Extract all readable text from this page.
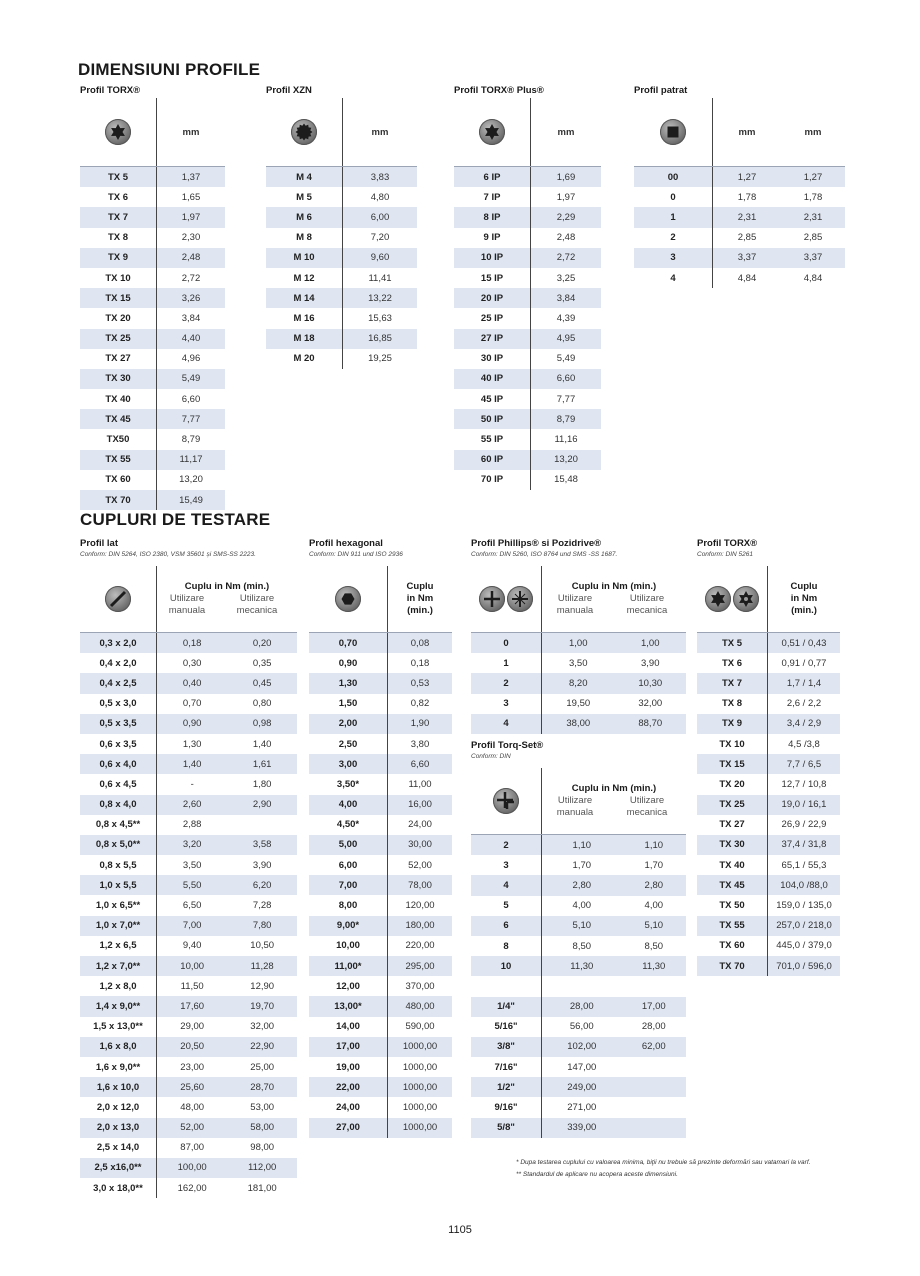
DIMENSIUNI PROFILE
CUPLURI DE TESTARE
Profil TORX®
	mm
TX 5	1,37
TX 6	1,65
TX 7	1,97
TX 8	2,30
TX 9	2,48
TX 10	2,72
TX 15	3,26
TX 20	3,84
TX 25	4,40
TX 27	4,96
TX 30	5,49
TX 40	6,60
TX 45	7,77
TX50	8,79
TX 55	11,17
TX 60	13,20
TX 70	15,49
Profil XZN
	mm
M 4	3,83
M 5	4,80
M 6	6,00
M 8	7,20
M 10	9,60
M 12	11,41
M 14	13,22
M 16	15,63
M 18	16,85
M 20	19,25
Profil TORX® Plus®
	mm
6 IP	1,69
7 IP	1,97
8 IP	2,29
9 IP	2,48
10 IP	2,72
15 IP	3,25
20 IP	3,84
25 IP	4,39
27 IP	4,95
30 IP	5,49
40 IP	6,60
45 IP	7,77
50 IP	8,79
55 IP	11,16
60 IP	13,20
70 IP	15,48
Profil patrat
	mm	mm
00	1,27	1,27
0	1,78	1,78
1	2,31	2,31
2	2,85	2,85
3	3,37	3,37
4	4,84	4,84
Profil lat
Conform: DIN 5264, ISO 2380, VSM 35601 și SMS-SS 2223.

Cuplu in Nm (min.)
Utilizare
manuala
Utilizare
mecanica	

0,3 x 2,0	0,18	0,20
0,4 x 2,0	0,30	0,35
0,4 x 2,5	0,40	0,45
0,5 x 3,0	0,70	0,80
0,5 x 3,5	0,90	0,98
0,6 x 3,5	1,30	1,40
0,6 x 4,0	1,40	1,61
0,6 x 4,5	-	1,80
0,8 x 4,0	2,60	2,90
0,8 x 4,5**	2,88	
0,8 x 5,0**	3,20	3,58
0,8 x 5,5	3,50	3,90
1,0 x 5,5	5,50	6,20
1,0 x 6,5**	6,50	7,28
1,0 x 7,0**	7,00	7,80
1,2 x 6,5	9,40	10,50
1,2 x 7,0**	10,00	11,28
1,2 x 8,0	11,50	12,90
1,4 x 9,0**	17,60	19,70
1,5 x 13,0**	29,00	32,00
1,6 x 8,0	20,50	22,90
1,6 x 9,0**	23,00	25,00
1,6 x 10,0	25,60	28,70
2,0 x 12,0	48,00	53,00
2,0 x 13,0	52,00	58,00
2,5 x 14,0	87,00	98,00
2,5 x16,0**	100,00	112,00
3,0 x 18,0**	162,00	181,00
Profil hexagonal
Conform: DIN 911 und ISO 2936

Cuplu
in Nm
(min.)

0,70	0,08
0,90	0,18
1,30	0,53
1,50	0,82
2,00	1,90
2,50	3,80
3,00	6,60
3,50*	11,00
4,00	16,00
4,50*	24,00
5,00	30,00
6,00	52,00
7,00	78,00
8,00	120,00
9,00*	180,00
10,00	220,00
11,00*	295,00
12,00	370,00
13,00*	480,00
14,00	590,00
17,00	1000,00
19,00	1000,00
22,00	1000,00
24,00	1000,00
27,00	1000,00
Profil Phillips® si Pozidrive®
Conform: DIN 5260, ISO 8764 und SMS -SS 1687.

Cuplu in Nm (min.)
Utilizare
manuala
Utilizare
mecanica	

0	1,00	1,00
1	3,50	3,90
2	8,20	10,30
3	19,50	32,00
4	38,00	88,70
Profil Torq-Set®
Conform: DIN

Cuplu in Nm (min.)
Utilizare
manuala
Utilizare
mecanica	

2	1,10	1,10
3	1,70	1,70
4	2,80	2,80
5	4,00	4,00
6	5,10	5,10
8	8,50	8,50
10	11,30	11,30

1/4"	28,00	17,00
5/16"	56,00	28,00
3/8"	102,00	62,00
7/16"	147,00	
1/2"	249,00	
9/16"	271,00	
5/8"	339,00	
Profil TORX®
Conform: DIN 5261

Cuplu
in Nm
(min.)

TX 5	0,51 / 0,43
TX 6	0,91 / 0,77
TX 7	1,7 / 1,4
TX 8	2,6 / 2,2
TX 9	3,4 / 2,9
TX 10	4,5 /3,8
TX 15	7,7 / 6,5
TX 20	12,7 / 10,8
TX 25	19,0 / 16,1
TX 27	26,9 / 22,9
TX 30	37,4 / 31,8
TX 40	65,1 / 55,3
TX 45	104,0 /88,0
TX 50	159,0 / 135,0
TX 55	257,0 / 218,0
TX 60	445,0 / 379,0
TX 70	701,0 / 596,0
* Dupa testarea cuplului cu valoarea minima, biţii nu trebuie să prezinte deformări sau vatamari la varf.
** Standardul de aplicare nu acopera aceste dimensiuni.
1105
